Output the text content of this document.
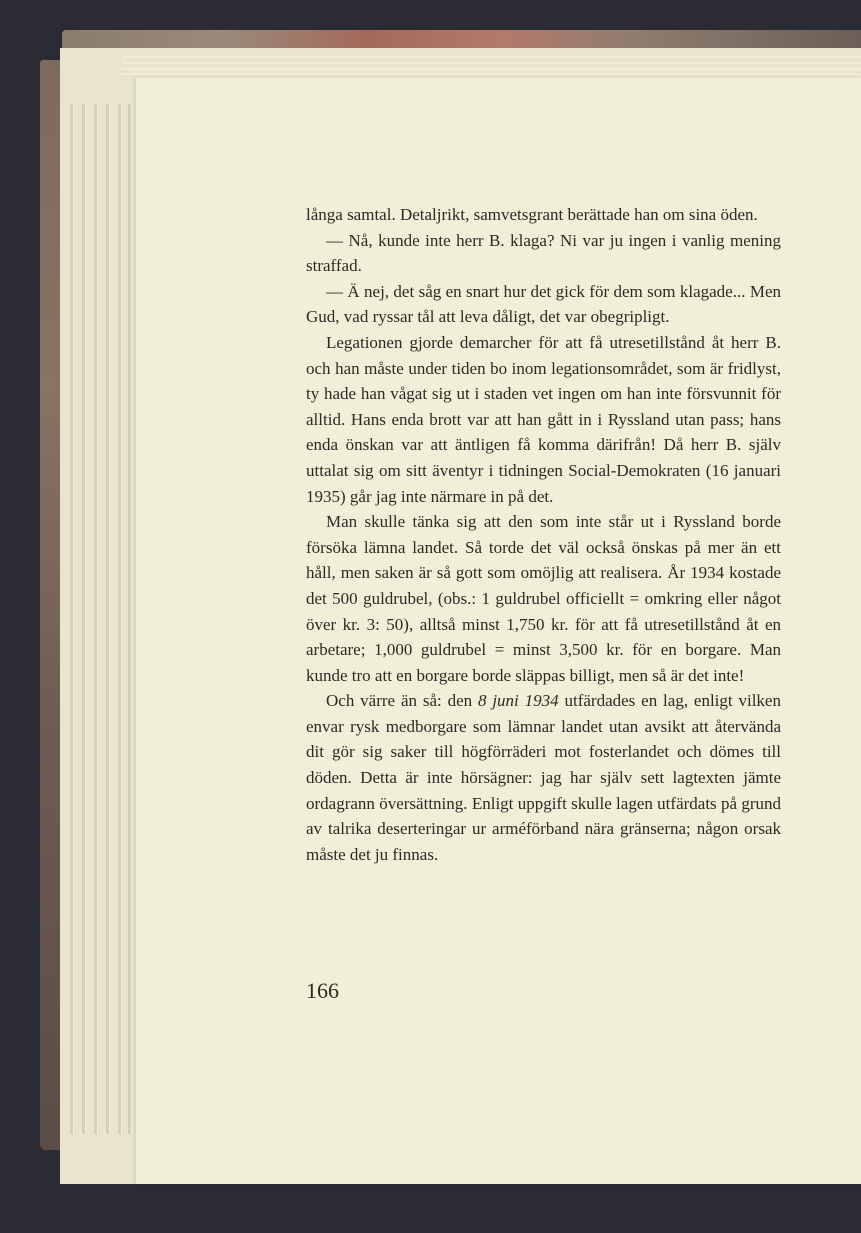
långa samtal. Detaljrikt, samvetsgrant berättade han om sina öden.

— Nå, kunde inte herr B. klaga? Ni var ju ingen i vanlig mening straffad.

— Ä nej, det såg en snart hur det gick för dem som klagade... Men Gud, vad ryssar tål att leva dåligt, det var obegripligt.

Legationen gjorde demarcher för att få utresetillstånd åt herr B. och han måste under tiden bo inom legationsområdet, som är fridlyst, ty hade han vågat sig ut i staden vet ingen om han inte försvunnit för alltid. Hans enda brott var att han gått in i Ryssland utan pass; hans enda önskan var att äntligen få komma därifrån! Då herr B. själv uttalat sig om sitt äventyr i tidningen Social-Demokraten (16 januari 1935) går jag inte närmare in på det.

Man skulle tänka sig att den som inte står ut i Ryssland borde försöka lämna landet. Så torde det väl också önskas på mer än ett håll, men saken är så gott som omöjlig att realisera. År 1934 kostade det 500 guldrubel, (obs.: 1 guldrubel officiellt = omkring eller något över kr. 3: 50), alltså minst 1,750 kr. för att få utresetillstånd åt en arbetare; 1,000 guldrubel = minst 3,500 kr. för en borgare. Man kunde tro att en borgare borde släppas billigt, men så är det inte!

Och värre än så: den 8 juni 1934 utfärdades en lag, enligt vilken envar rysk medborgare som lämnar landet utan avsikt att återvända dit gör sig saker till högförräderi mot fosterlandet och dömes till döden. Detta är inte hörsägner: jag har själv sett lagtexten jämte ordagrann översättning. Enligt uppgift skulle lagen utfärdats på grund av talrika deserteringar ur arméförband nära gränserna; någon orsak måste det ju finnas.

166
